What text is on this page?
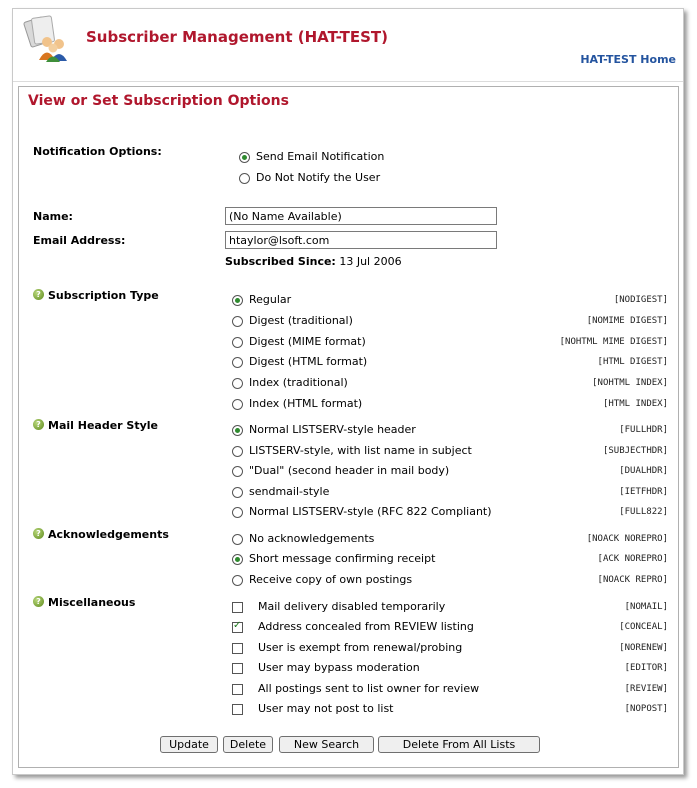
Subscriber Management (HAT-TEST)
HAT-TEST Home
View or Set Subscription Options
Notification Options:	Send Email Notification
Do Not Notify the User
Name:
(No Name Available)
Email Address:
htaylor@lsoft.com
Subscribed Since: 13 Jul 2006
? Subscription Type	Regular	[NODIGEST]
Digest (traditional)	[NOMIME DIGEST]
Digest (MIME format)	[NOHTML MIME DIGEST]
Digest (HTML format)	[HTML DIGEST]
Index (traditional)	[NOHTML INDEX]
Index (HTML format)	[HTML INDEX]
? Mail Header Style	Normal LISTSERV-style header	[FULLHDR]
LISTSERV-style, with list name in subject	[SUBJECTHDR]
"Dual" (second header in mail body)	[DUALHDR]
sendmail-style	[IETFHDR]
Normal LISTSERV-style (RFC 822 Compliant)	[FULL822]
? Acknowledgements	No acknowledgements	[NOACK NOREPRO]
Short message confirming receipt	[ACK NOREPRO]
Receive copy of own postings	[NOACK REPRO]
? Miscellaneous	Mail delivery disabled temporarily	[NOMAIL]
✓
Address concealed from REVIEW listing	[CONCEAL]
User is exempt from renewal/probing	[NORENEW]
User may bypass moderation	[EDITOR]
All postings sent to list owner for review	[REVIEW]
User may not post to list	[NOPOST]
Update	Delete	New Search	Delete From All Lists
